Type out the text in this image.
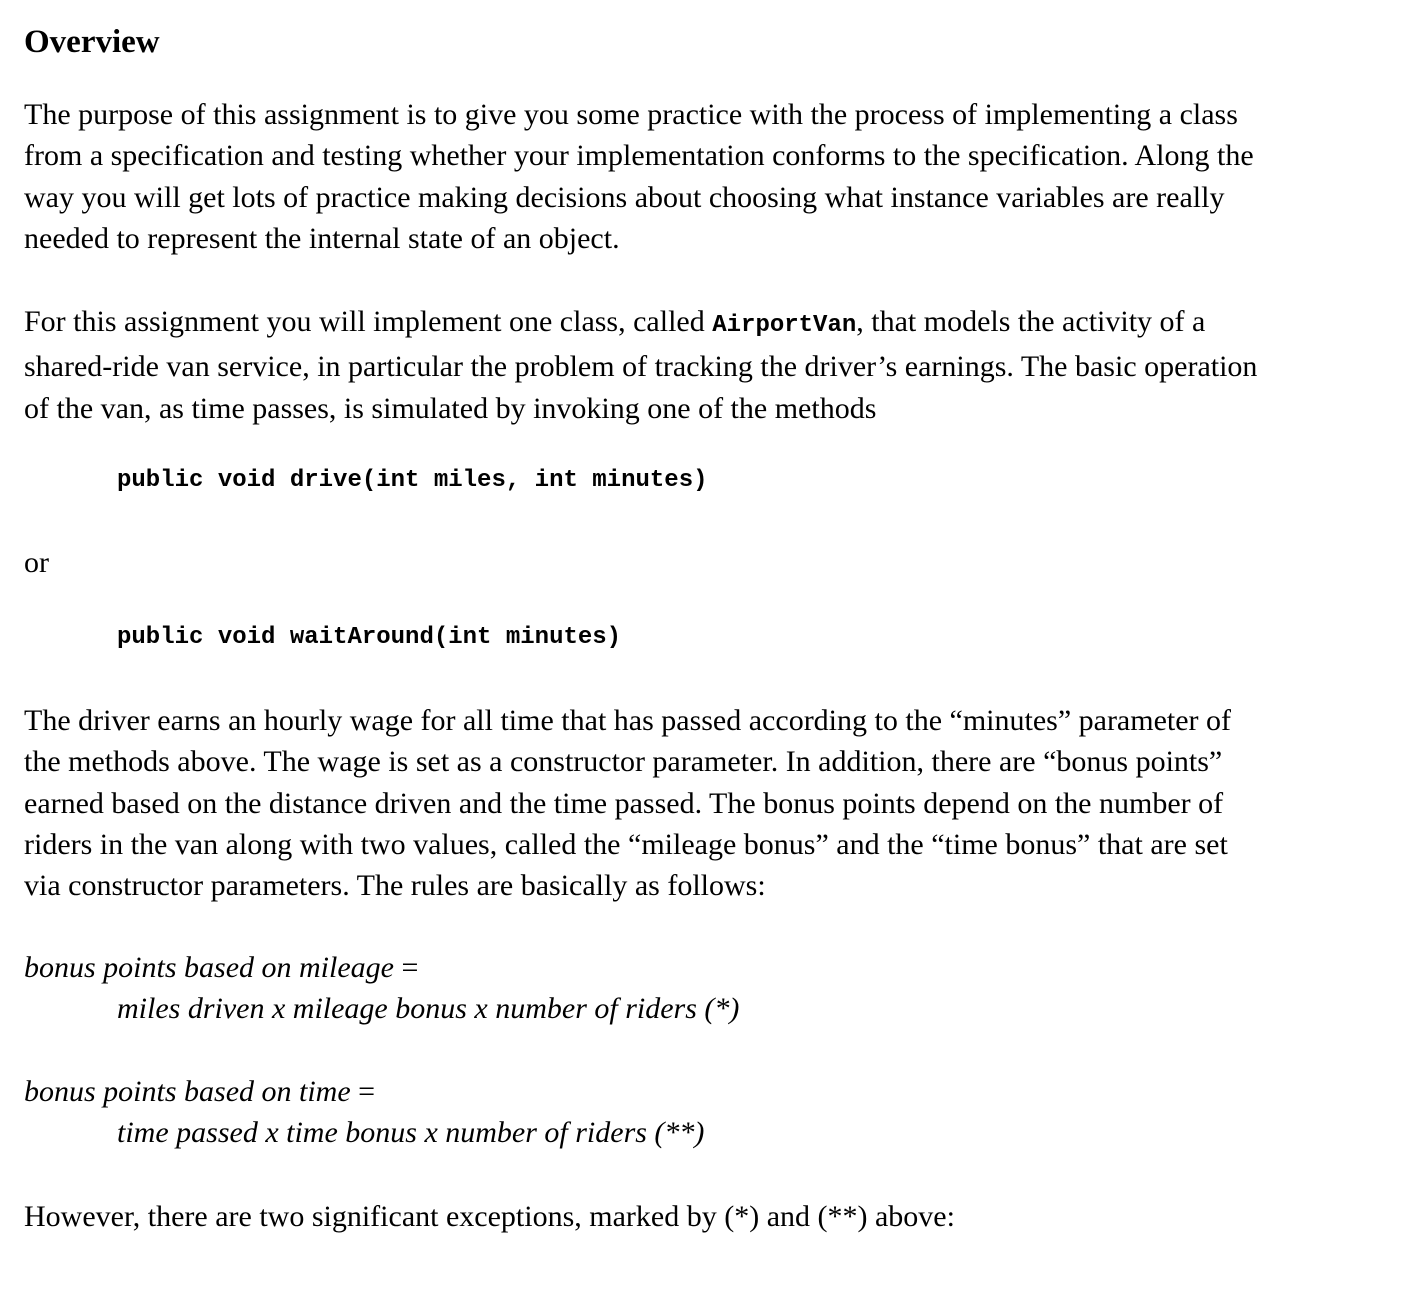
Overview

The purpose of this assignment is to give you some practice with the process of implementing a class from a specification and testing whether your implementation conforms to the specification. Along the way you will get lots of practice making decisions about choosing what instance variables are really needed to represent the internal state of an object.

For this assignment you will implement one class, called AirportVan, that models the activity of a shared-ride van service, in particular the problem of tracking the driver’s earnings. The basic operation of the van, as time passes, is simulated by invoking one of the methods

public void drive(int miles, int minutes)

or

public void waitAround(int minutes)

The driver earns an hourly wage for all time that has passed according to the “minutes” parameter of the methods above. The wage is set as a constructor parameter. In addition, there are “bonus points” earned based on the distance driven and the time passed. The bonus points depend on the number of riders in the van along with two values, called the “mileage bonus” and the “time bonus” that are set via constructor parameters. The rules are basically as follows:

bonus points based on mileage =

miles driven x mileage bonus x number of riders (*)

bonus points based on time =

time passed x time bonus x number of riders (**)

However, there are two significant exceptions, marked by (*) and (**) above:
